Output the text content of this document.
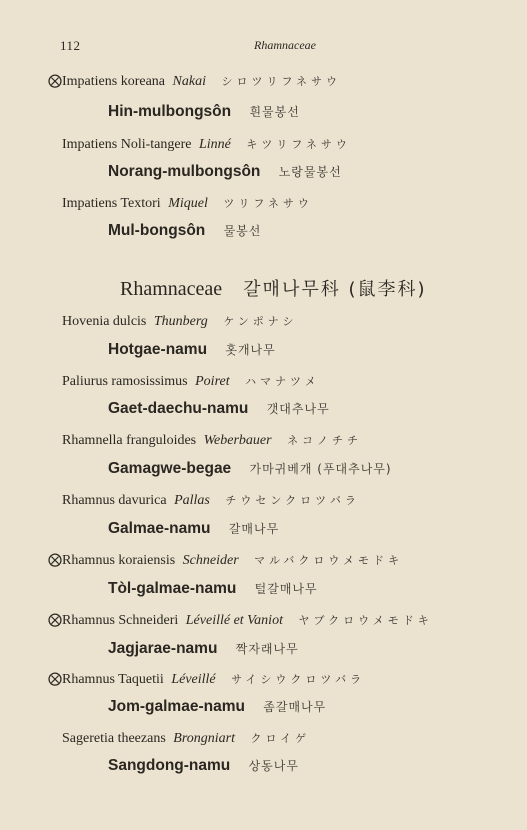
112	Rhamnaceae
⨂ Impatiens koreana Nakai シロツリフネサウ
Hin-mulbongsôn 흰물봉선
Impatiens Noli-tangere Linné キツリフネサウ
Norang-mulbongsôn 노랑물봉선
Impatiens Textori Miquel ツリフネサウ
Mul-bongsôn 물봉선
Rhamnaceae 갈매나무科 (鼠李科)
Hovenia dulcis Thunberg ケンポナシ
Hotgae-namu 홋개나무
Paliurus ramosissimus Poiret ハマナツメ
Gaet-daechu-namu 갯대추나무
Rhamnella franguloides Weberbauer ネコノチチ
Gamagwe-begae 가마귀베개 (푸대추나무)
Rhamnus davurica Pallas チウセンクロツバラ
Galmae-namu 갈매나무
⨂ Rhamnus koraiensis Schneider マルバクロウメモドキ
Tòl-galmae-namu 털갈매나무
⨂ Rhamnus Schneideri Léveillé et Vaniot ヤブクロウメモドキ
Jagjarae-namu 짝자래나무
⨂ Rhamnus Taquetii Léveillé サイシウクロツバラ
Jom-galmae-namu 좀갈매나무
Sageretia theezans Brongniart クロイゲ
Sangdong-namu 상동나무
